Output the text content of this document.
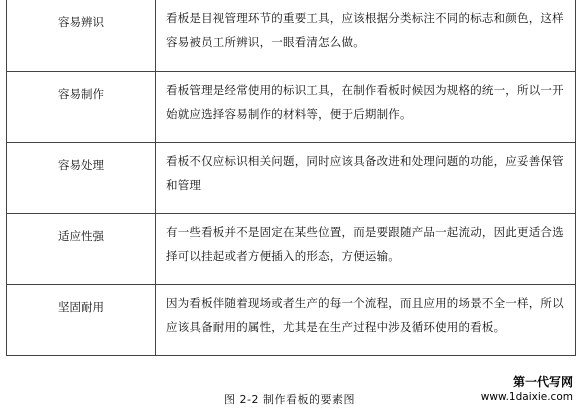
容易辨识	看板是目视管理环节的重要工具，应该根据分类标注不同的标志和颜色，这样容易被员工所辨识，一眼看清怎么做。
容易制作	看板管理是经常使用的标识工具，在制作看板时候因为规格的统一，所以一开始就应选择容易制作的材料等，便于后期制作。
容易处理	看板不仅应标识相关问题，同时应该具备改进和处理问题的功能，应妥善保管和管理
适应性强	有一些看板并不是固定在某些位置，而是要跟随产品一起流动，因此更适合选择可以挂起或者方便插入的形态，方便运输。
坚固耐用	因为看板伴随着现场或者生产的每一个流程，而且应用的场景不全一样，所以应该具备耐用的属性，尤其是在生产过程中涉及循环使用的看板。
第一代写网
www.1daixie.com
图 2-2 制作看板的要素图
